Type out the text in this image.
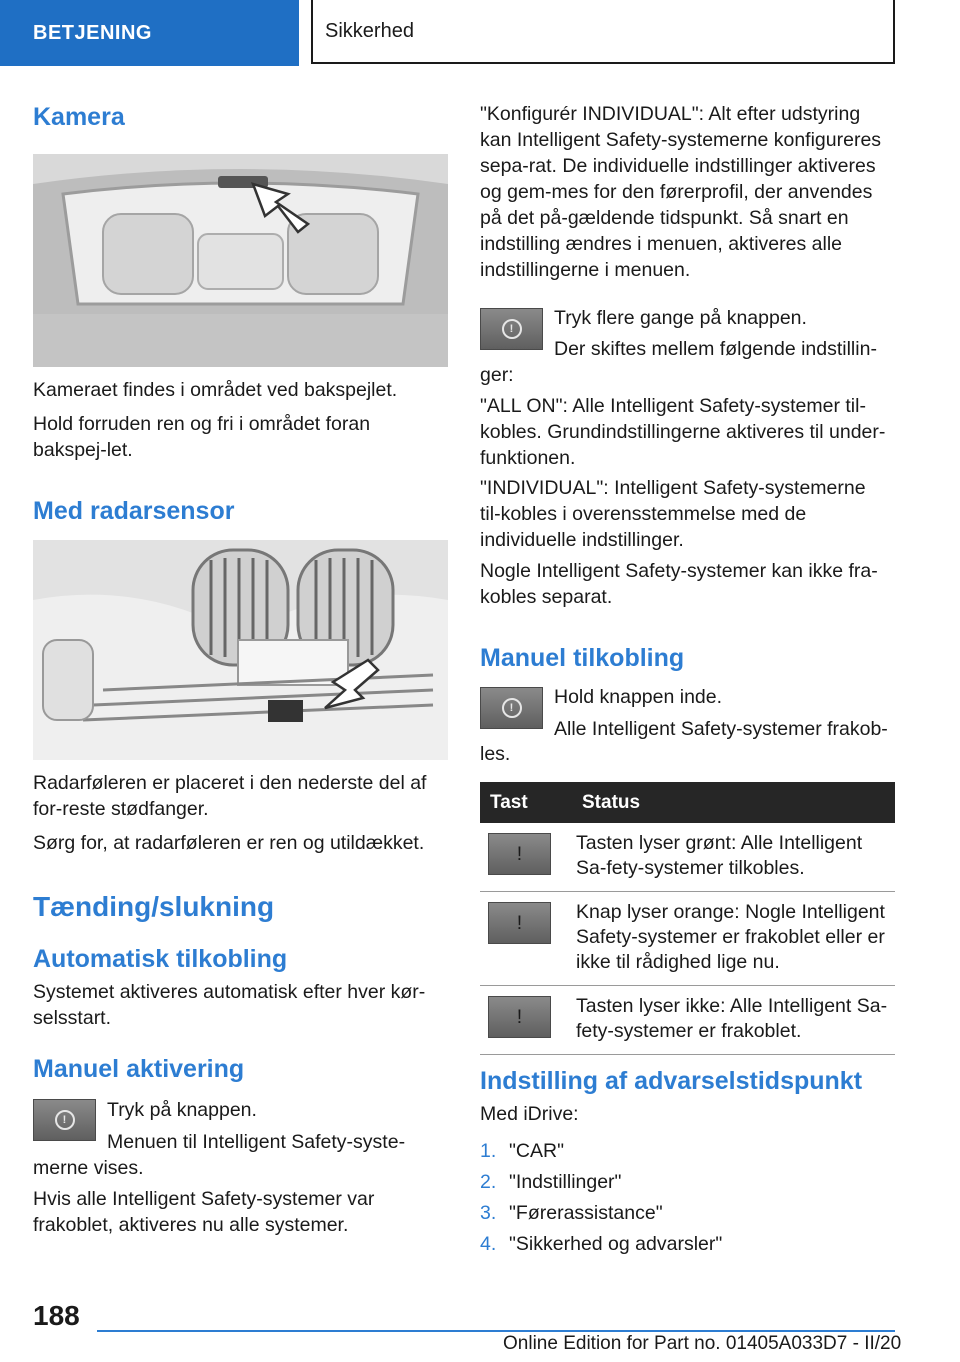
BETJENING	Sikkerhed
Kamera
Kameraet findes i området ved bakspejlet.
Hold forruden ren og fri i området foran bakspej-let.
Med radarsensor
Radarføleren er placeret i den nederste del af for-reste stødfanger.
Sørg for, at radarføleren er ren og utildækket.
Tænding/slukning
Automatisk tilkobling
Systemet aktiveres automatisk efter hver kør-selsstart.
Manuel aktivering
!	Tryk på knappen.
Menuen til Intelligent Safety-syste-
merne vises.
Hvis alle Intelligent Safety-systemer var frakoblet, aktiveres nu alle systemer.
"Konfigurér INDIVIDUAL": Alt efter udstyring kan Intelligent Safety-systemerne konfigureres sepa-rat. De individuelle indstillinger aktiveres og gem-mes for den førerprofil, der anvendes på det på-gældende tidspunkt. Så snart en indstilling ændres i menuen, aktiveres alle indstillingerne i menuen.
!	Tryk flere gange på knappen.
Der skiftes mellem følgende indstillin-
ger:
"ALL ON": Alle Intelligent Safety-systemer til-kobles. Grundindstillingerne aktiveres til under-funktionen.
"INDIVIDUAL": Intelligent Safety-systemerne til-kobles i overensstemmelse med de individuelle indstillinger.
Nogle Intelligent Safety-systemer kan ikke fra-kobles separat.
Manuel tilkobling
!	Hold knappen inde.
Alle Intelligent Safety-systemer frakob-
les.
Tast	Status

!	Tasten lyser grønt: Alle Intelligent Sa-fety-systemer tilkobles.

!	Knap lyser orange: Nogle Intelligent Safety-systemer er frakoblet eller er ikke til rådighed lige nu.

!	Tasten lyser ikke: Alle Intelligent Sa-fety-systemer er frakoblet.
Indstilling af advarselstidspunkt
Med iDrive:
1. "CAR"
2. "Indstillinger"
3. "Førerassistance"
4. "Sikkerhed og advarsler"
188
Online Edition for Part no. 01405A033D7 - II/20
